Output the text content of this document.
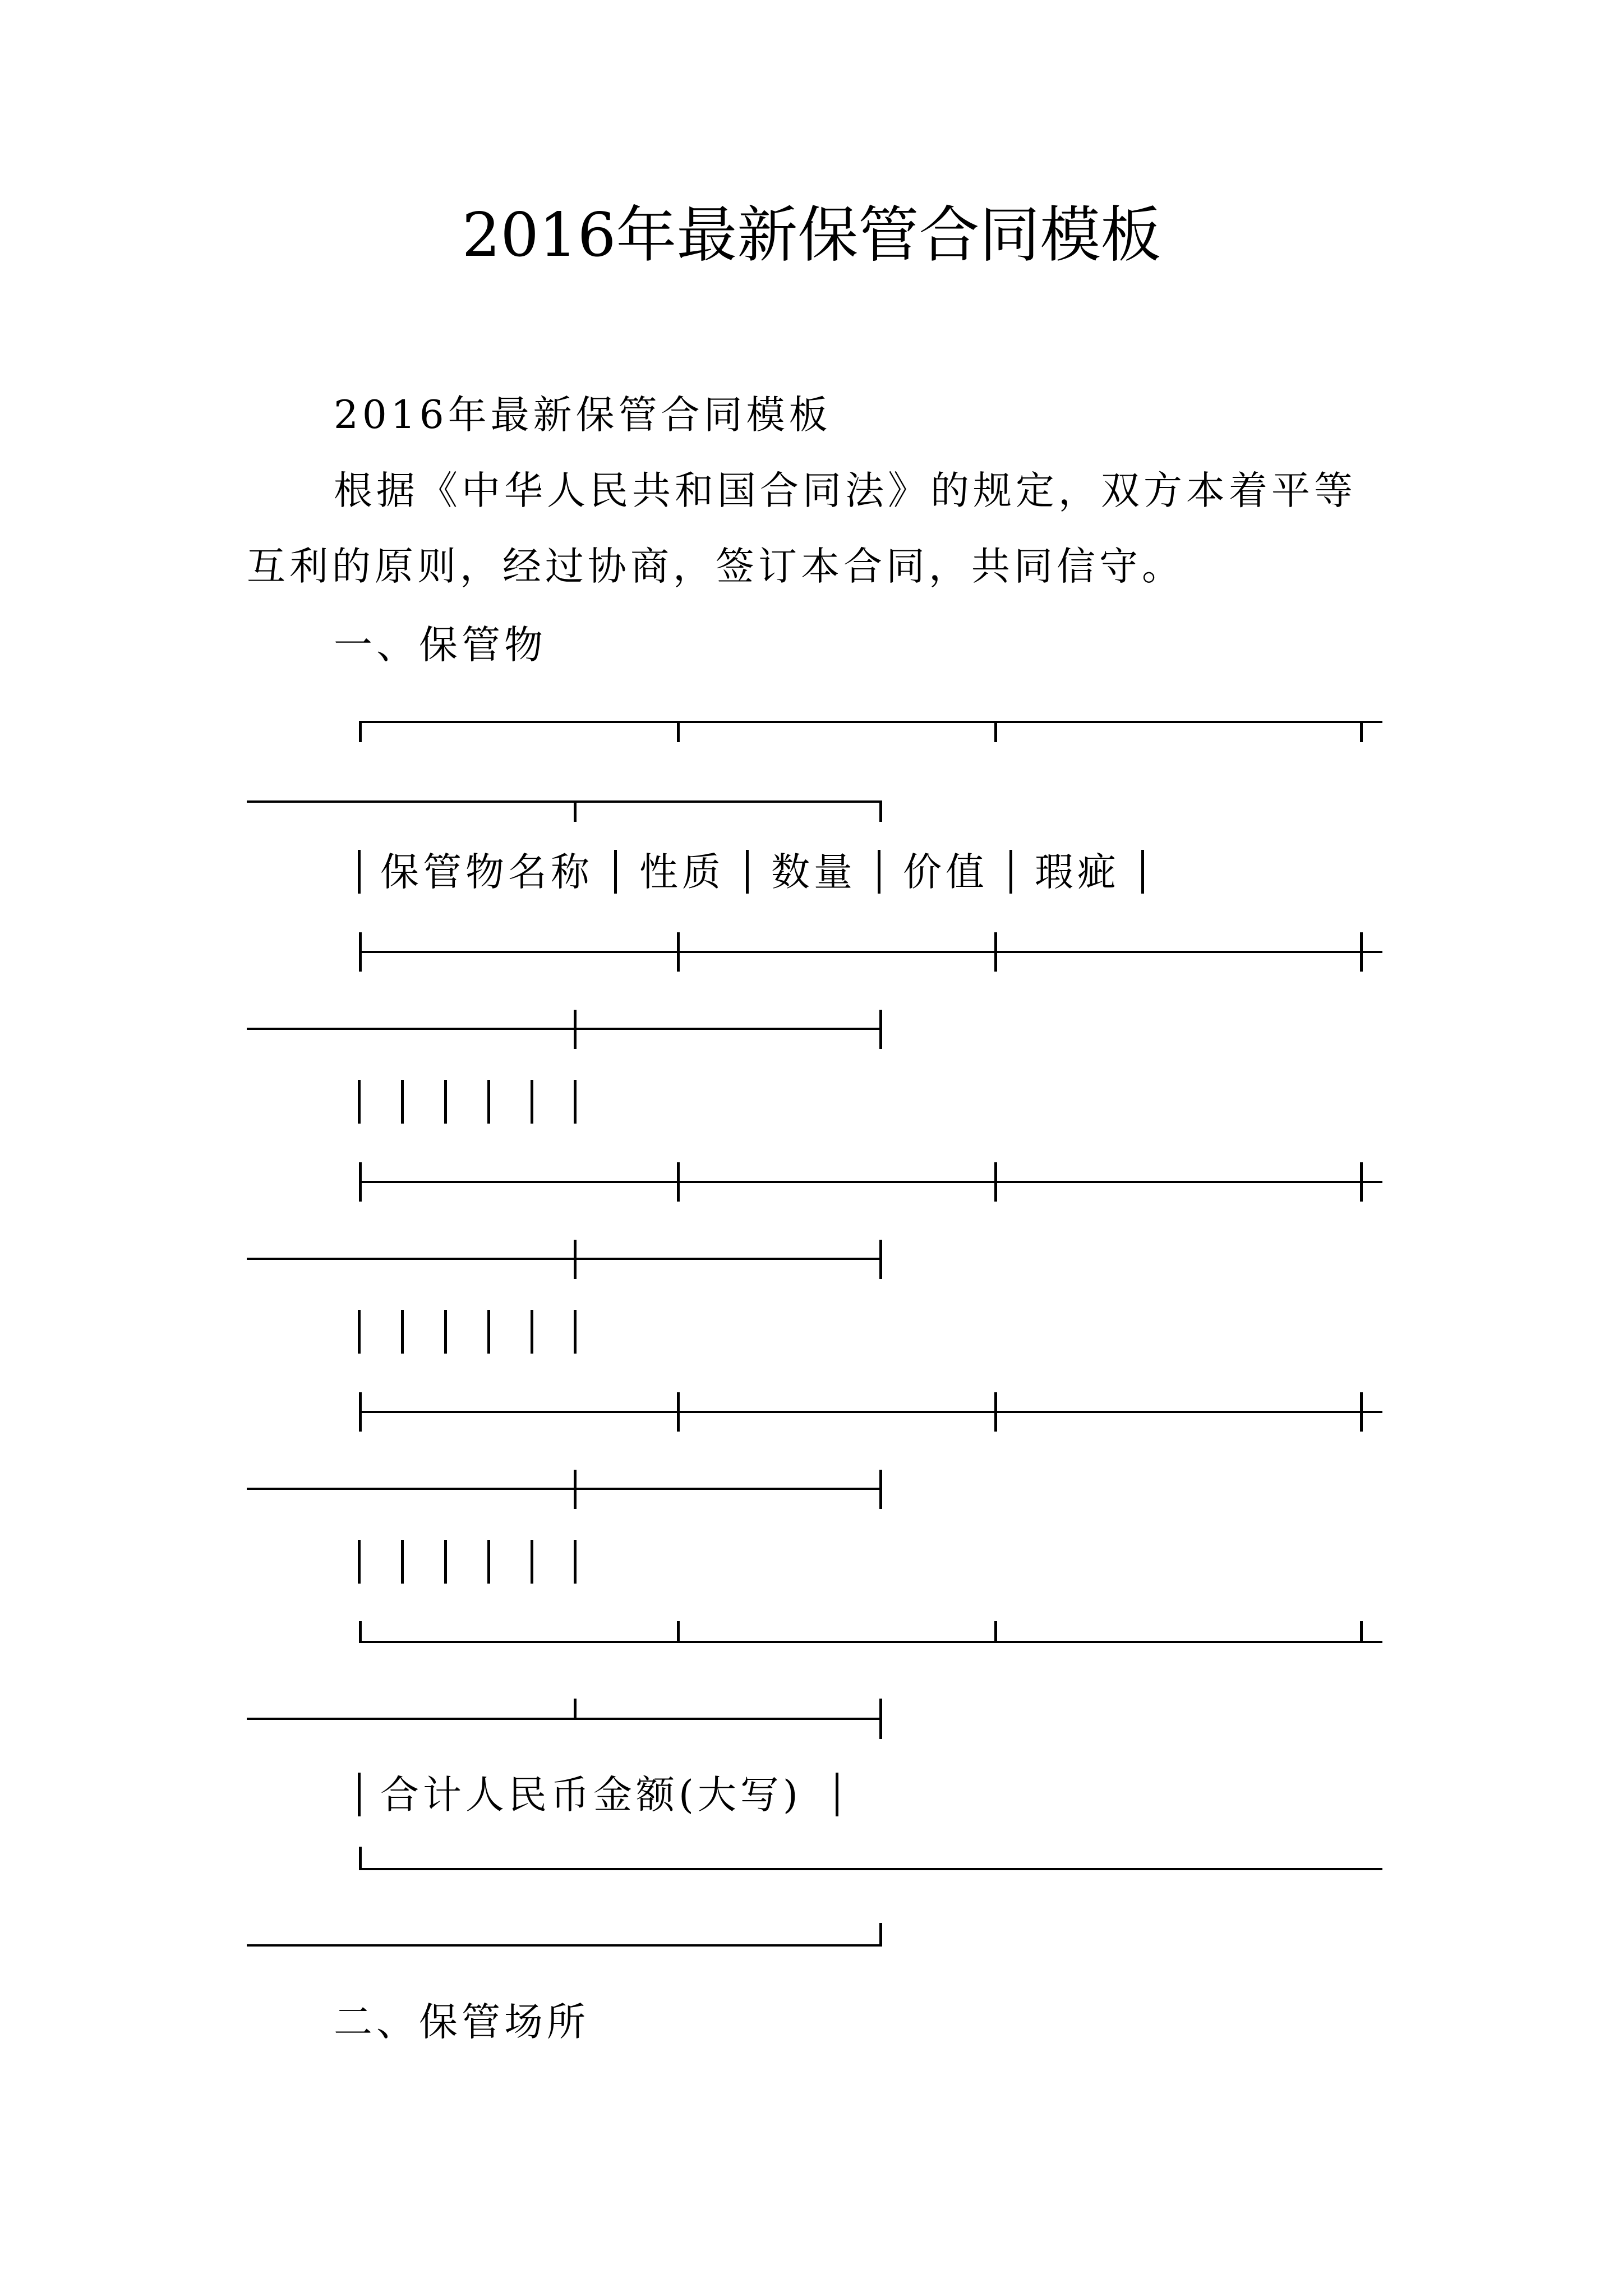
2016年最新保管合同模板
2016年最新保管合同模板
根据《中华人民共和国合同法》的规定，双方本着平等
互利的原则，经过协商，签订本合同，共同信守。
一、保管物
保管物名称 性质 数量 价值 瑕疵
合计人民币金额(大写)
二、保管场所
